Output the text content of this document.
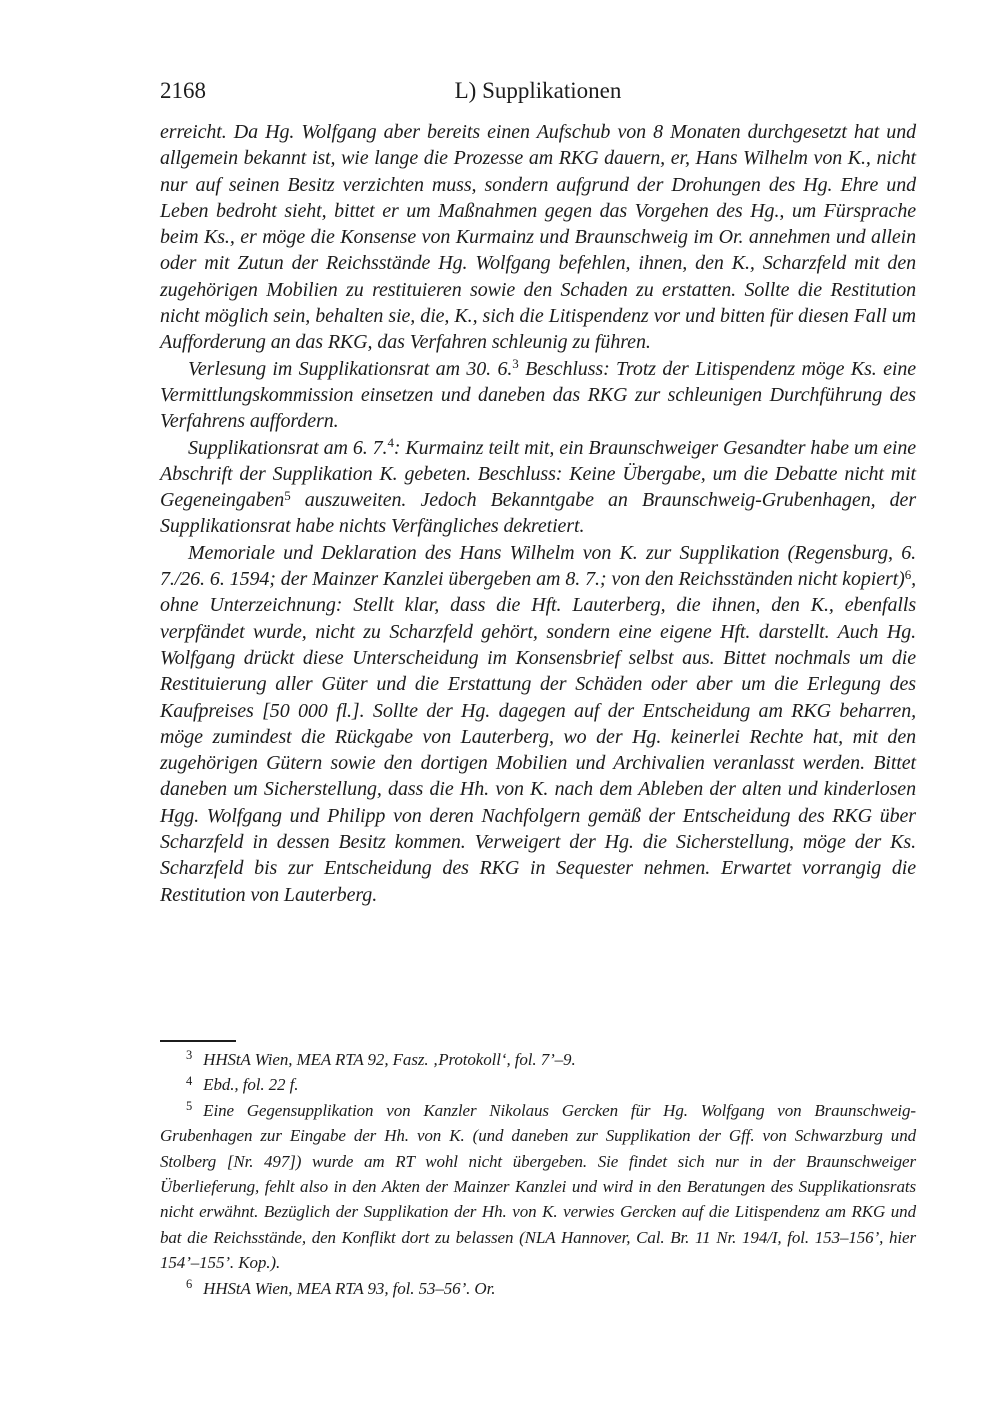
2168	L) Supplikationen

erreicht. Da Hg. Wolfgang aber bereits einen Aufschub von 8 Monaten durchgesetzt hat und allgemein bekannt ist, wie lange die Prozesse am RKG dauern, er, Hans Wilhelm von K., nicht nur auf seinen Besitz verzichten muss, sondern aufgrund der Drohungen des Hg. Ehre und Leben bedroht sieht, bittet er um Maßnahmen gegen das Vorgehen des Hg., um Fürsprache beim Ks., er möge die Konsense von Kurmainz und Braunschweig im Or. annehmen und allein oder mit Zutun der Reichsstände Hg. Wolfgang befehlen, ihnen, den K., Scharzfeld mit den zugehörigen Mobilien zu restituieren sowie den Schaden zu erstatten. Sollte die Restitution nicht möglich sein, behalten sie, die, K., sich die Litispendenz vor und bitten für diesen Fall um Aufforderung an das RKG, das Verfahren schleunig zu führen.

Verlesung im Supplikationsrat am 30. 6.$^3$ Beschluss: Trotz der Litispendenz möge Ks. eine Vermittlungskommission einsetzen und daneben das RKG zur schleunigen Durchführung des Verfahrens auffordern.

Supplikationsrat am 6. 7.$^4$: Kurmainz teilt mit, ein Braunschweiger Gesandter habe um eine Abschrift der Supplikation K. gebeten. Beschluss: Keine Übergabe, um die Debatte nicht mit Gegeneingaben$^5$ auszuweiten. Jedoch Bekanntgabe an Braunschweig-Grubenhagen, der Supplikationsrat habe nichts Verfängliches dekretiert.

Memoriale und Deklaration des Hans Wilhelm von K. zur Supplikation (Regensburg, 6. 7./26. 6. 1594; der Mainzer Kanzlei übergeben am 8. 7.; von den Reichsständen nicht kopiert)$^6$, ohne Unterzeichnung: Stellt klar, dass die Hft. Lauterberg, die ihnen, den K., ebenfalls verpfändet wurde, nicht zu Scharzfeld gehört, sondern eine eigene Hft. darstellt. Auch Hg. Wolfgang drückt diese Unterscheidung im Konsensbrief selbst aus. Bittet nochmals um die Restituierung aller Güter und die Erstattung der Schäden oder aber um die Erlegung des Kaufpreises [50 000 fl.]. Sollte der Hg. dagegen auf der Entscheidung am RKG beharren, möge zumindest die Rückgabe von Lauterberg, wo der Hg. keinerlei Rechte hat, mit den zugehörigen Gütern sowie den dortigen Mobilien und Archivalien veranlasst werden. Bittet daneben um Sicherstellung, dass die Hh. von K. nach dem Ableben der alten und kinderlosen Hgg. Wolfgang und Philipp von deren Nachfolgern gemäß der Entscheidung des RKG über Scharzfeld in dessen Besitz kommen. Verweigert der Hg. die Sicherstellung, möge der Ks. Scharzfeld bis zur Entscheidung des RKG in Sequester nehmen. Erwartet vorrangig die Restitution von Lauterberg.

$^3$ HHStA Wien, MEA RTA 92, Fasz. ‚Protokoll‘, fol. 7’–9.

$^4$ Ebd., fol. 22 f.

$^5$ Eine Gegensupplikation von Kanzler Nikolaus Gercken für Hg. Wolfgang von Braunschweig-Grubenhagen zur Eingabe der Hh. von K. (und daneben zur Supplikation der Gff. von Schwarzburg und Stolberg [Nr. 497]) wurde am RT wohl nicht übergeben. Sie findet sich nur in der Braunschweiger Überlieferung, fehlt also in den Akten der Mainzer Kanzlei und wird in den Beratungen des Supplikationsrats nicht erwähnt. Bezüglich der Supplikation der Hh. von K. verwies Gercken auf die Litispendenz am RKG und bat die Reichsstände, den Konflikt dort zu belassen (NLA Hannover, Cal. Br. 11 Nr. 194/I, fol. 153–156’, hier 154’–155’. Kop.).

$^6$ HHStA Wien, MEA RTA 93, fol. 53–56’. Or.
